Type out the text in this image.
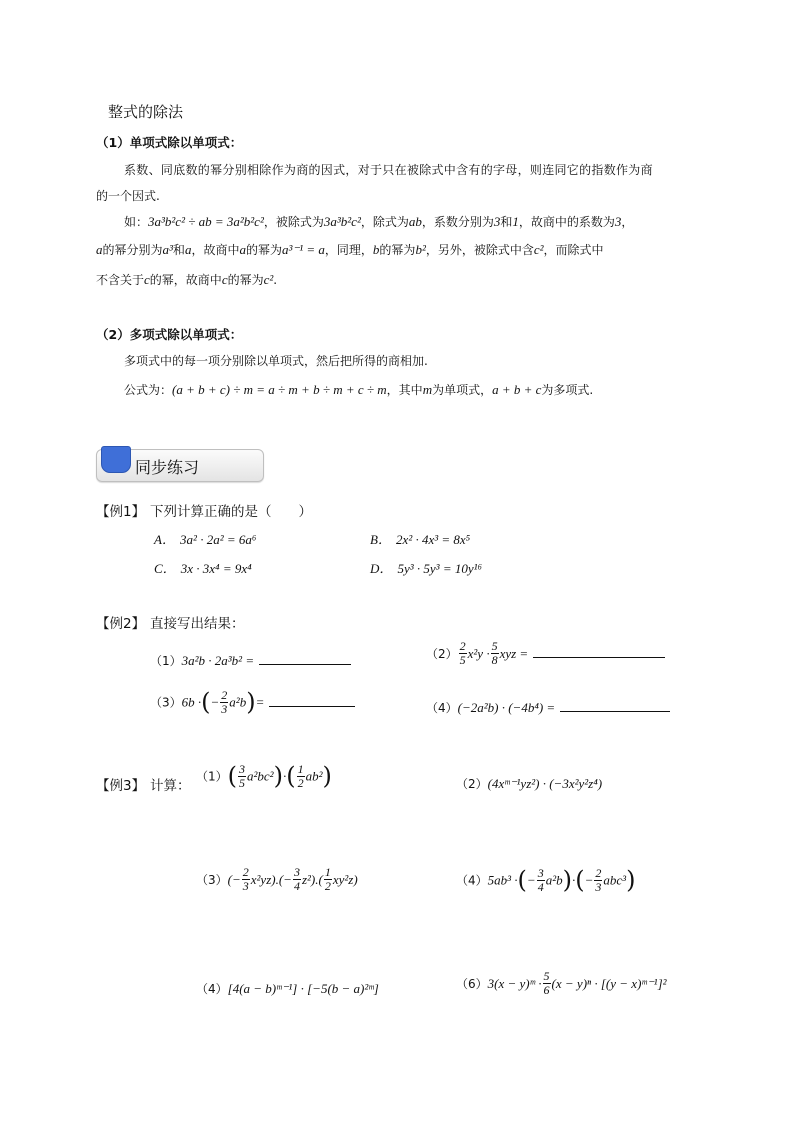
整式的除法
（1）单项式除以单项式：
系数、同底数的幂分别相除作为商的因式，对于只在被除式中含有的字母，则连同它的指数作为商
的一个因式.
如：3a³b²c² ÷ ab = 3a²b²c²，被除式为3a³b²c²，除式为ab，系数分别为3和1，故商中的系数为3，
a的幂分别为a³和a，故商中a的幂为a³⁻¹ = a，同理，b的幂为b²，另外，被除式中含c²，而除式中
不含关于c的幂，故商中c的幂为c².
（2）多项式除以单项式：
多项式中的每一项分别除以单项式，然后把所得的商相加.
公式为：(a + b + c) ÷ m = a ÷ m + b ÷ m + c ÷ m，其中m为单项式，a + b + c为多项式.
同步练习
【例1】 下列计算正确的是（　　）
A． 3a² · 2a² = 6a⁶	B． 2x² · 4x³ = 8x⁵
C． 3x · 3x⁴ = 9x⁴	D． 5y³ · 5y³ = 10y¹⁶
【例2】 直接写出结果：
（1）3a²b · 2a³b² =	$(2) \frac{2}{5} x^2y \cdot \frac{5}{8}$ xyz =
（3）6b ·(− $\frac{2}{3} a^2b)=$	（4）(−2a²b) · (−4b⁴) =
【例3】 计算：
$(1)( \frac{3}{5} a^2bc^2)\cdot( \frac{1}{2} ab^2)$	（2）(4xᵐ⁻¹yz²) · (−3x²y²z⁴)
$(3)(- \frac{2}{3} x^2yz).(- \frac{3}{4} z^2).( \frac{1}{2} xy^2z)$	（4）5ab³ ·(− $\frac{3}{4} a^2b)\cdot(- \frac{2}{3} abc^3)$
（4）[4(a − b)ᵐ⁻¹] · [−5(b − a)²ᵐ]	（6）3(x − y)ᵐ · $\frac{5}{6} (x - y)^n \cdot [(y$ − x)ᵐ⁻¹]²
